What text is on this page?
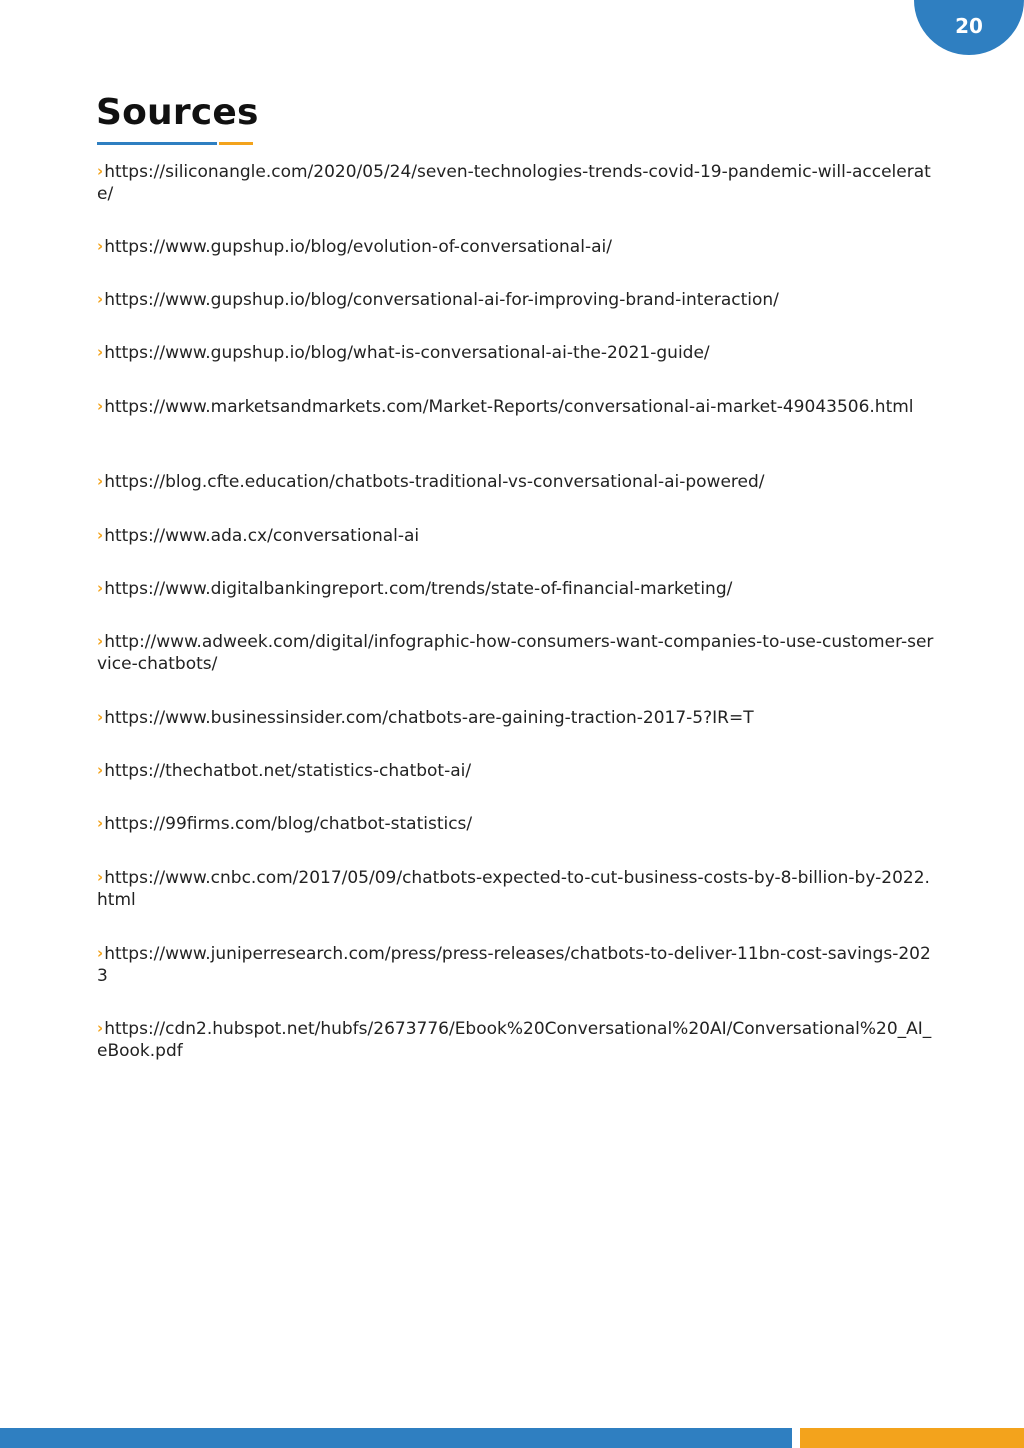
20
Sources
›https://siliconangle.com/2020/05/24/seven-technologies-trends-covid-19-pandemic-will-accelerate/
›https://www.gupshup.io/blog/evolution-of-conversational-ai/
›https://www.gupshup.io/blog/conversational-ai-for-improving-brand-interaction/
›https://www.gupshup.io/blog/what-is-conversational-ai-the-2021-guide/
›https://www.marketsandmarkets.com/Market-Reports/conversational-ai-market-49043506.html
›https://blog.cfte.education/chatbots-traditional-vs-conversational-ai-powered/
›https://www.ada.cx/conversational-ai
›https://www.digitalbankingreport.com/trends/state-of-financial-marketing/
›http://www.adweek.com/digital/infographic-how-consumers-want-companies-to-use-customer-service-chatbots/
›https://www.businessinsider.com/chatbots-are-gaining-traction-2017-5?IR=T
›https://thechatbot.net/statistics-chatbot-ai/
›https://99firms.com/blog/chatbot-statistics/
›https://www.cnbc.com/2017/05/09/chatbots-expected-to-cut-business-costs-by-8-billion-by-2022.html
›https://www.juniperresearch.com/press/press-releases/chatbots-to-deliver-11bn-cost-savings-2023
›https://cdn2.hubspot.net/hubfs/2673776/Ebook%20Conversational%20AI/Conversational%20_AI_eBook.pdf
